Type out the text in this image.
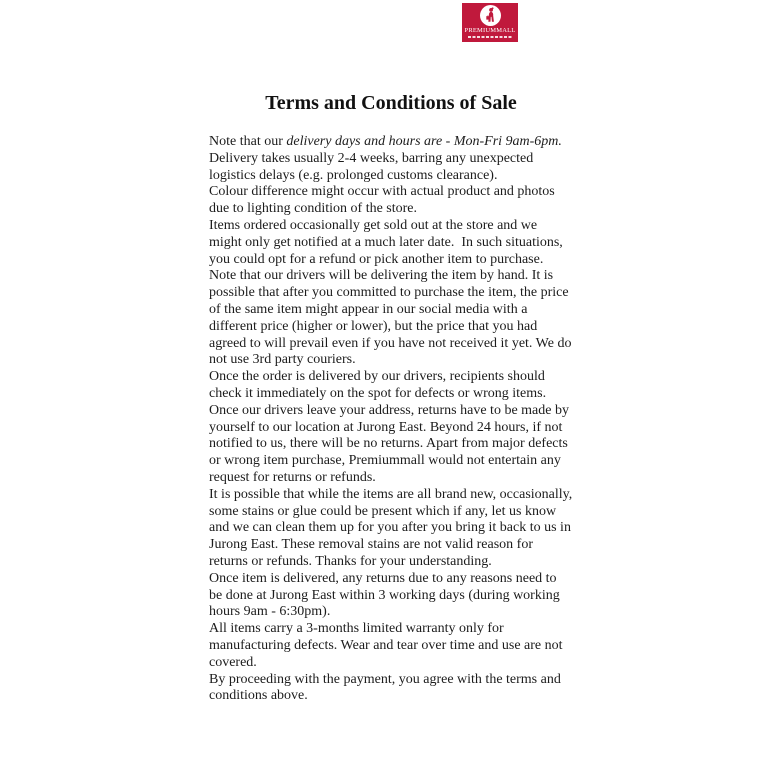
PREMIUMMALL
Terms and Conditions of Sale

Note that our delivery days and hours are - Mon-Fri 9am-6pm.

Delivery takes usually 2-4 weeks, barring any unexpected logistics delays (e.g. prolonged customs clearance).

Colour difference might occur with actual product and photos due to lighting condition of the store.

Items ordered occasionally get sold out at the store and we might only get notified at a much later date.  In such situations, you could opt for a refund or pick another item to purchase.

Note that our drivers will be delivering the item by hand. It is possible that after you committed to purchase the item, the price of the same item might appear in our social media with a different price (higher or lower), but the price that you had agreed to will prevail even if you have not received it yet. We do not use 3rd party couriers.

Once the order is delivered by our drivers, recipients should check it immediately on the spot for defects or wrong items.

Once our drivers leave your address, returns have to be made by yourself to our location at Jurong East. Beyond 24 hours, if not notified to us, there will be no returns. Apart from major defects or wrong item purchase, Premiummall would not entertain any request for returns or refunds.

It is possible that while the items are all brand new, occasionally, some stains or glue could be present which if any, let us know and we can clean them up for you after you bring it back to us in Jurong East. These removal stains are not valid reason for returns or refunds. Thanks for your understanding.

Once item is delivered, any returns due to any reasons need to be done at Jurong East within 3 working days (during working hours 9am - 6:30pm).

All items carry a 3-months limited warranty only for manufacturing defects. Wear and tear over time and use are not covered.

By proceeding with the payment, you agree with the terms and conditions above.
